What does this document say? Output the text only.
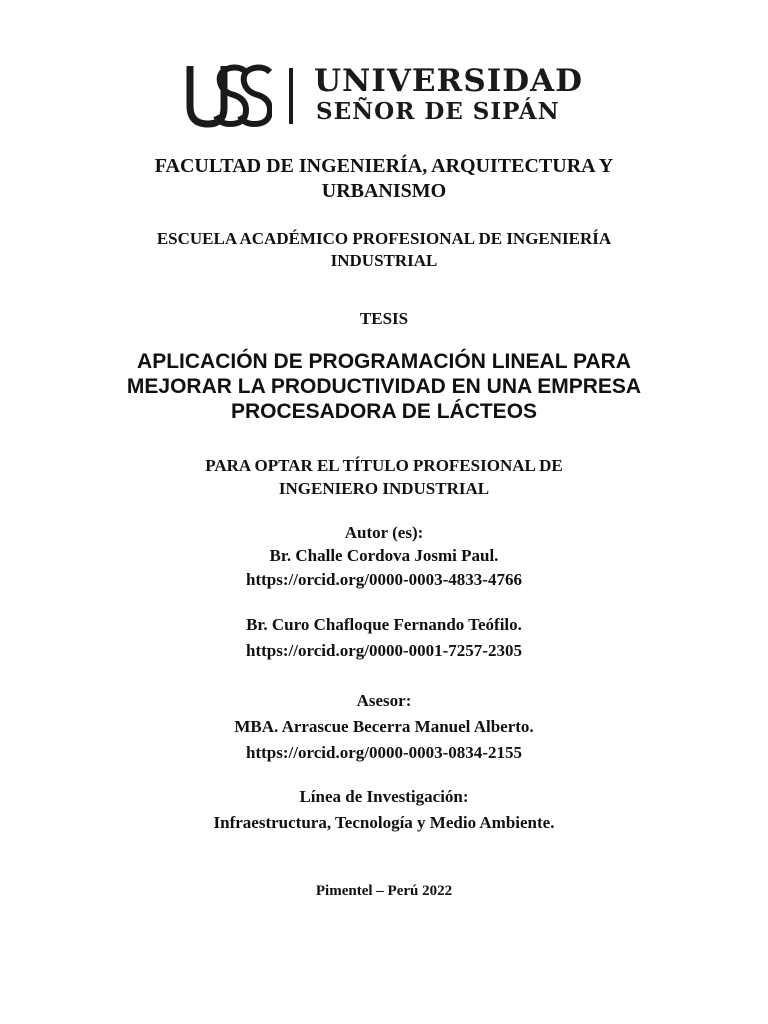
UNIVERSIDAD
SEÑOR DE SIPÁN
FACULTAD DE INGENIERÍA, ARQUITECTURA Y
URBANISMO
ESCUELA ACADÉMICO PROFESIONAL DE INGENIERÍA
INDUSTRIAL
TESIS
APLICACIÓN DE PROGRAMACIÓN LINEAL PARA
MEJORAR LA PRODUCTIVIDAD EN UNA EMPRESA
PROCESADORA DE LÁCTEOS
PARA OPTAR EL TÍTULO PROFESIONAL DE
INGENIERO INDUSTRIAL
Autor (es):
Br. Challe Cordova Josmi Paul.
https://orcid.org/0000-0003-4833-4766
Br. Curo Chafloque Fernando Teófilo.
https://orcid.org/0000-0001-7257-2305
Asesor:
MBA. Arrascue Becerra Manuel Alberto.
https://orcid.org/0000-0003-0834-2155
Línea de Investigación:
Infraestructura, Tecnología y Medio Ambiente.
Pimentel – Perú 2022
